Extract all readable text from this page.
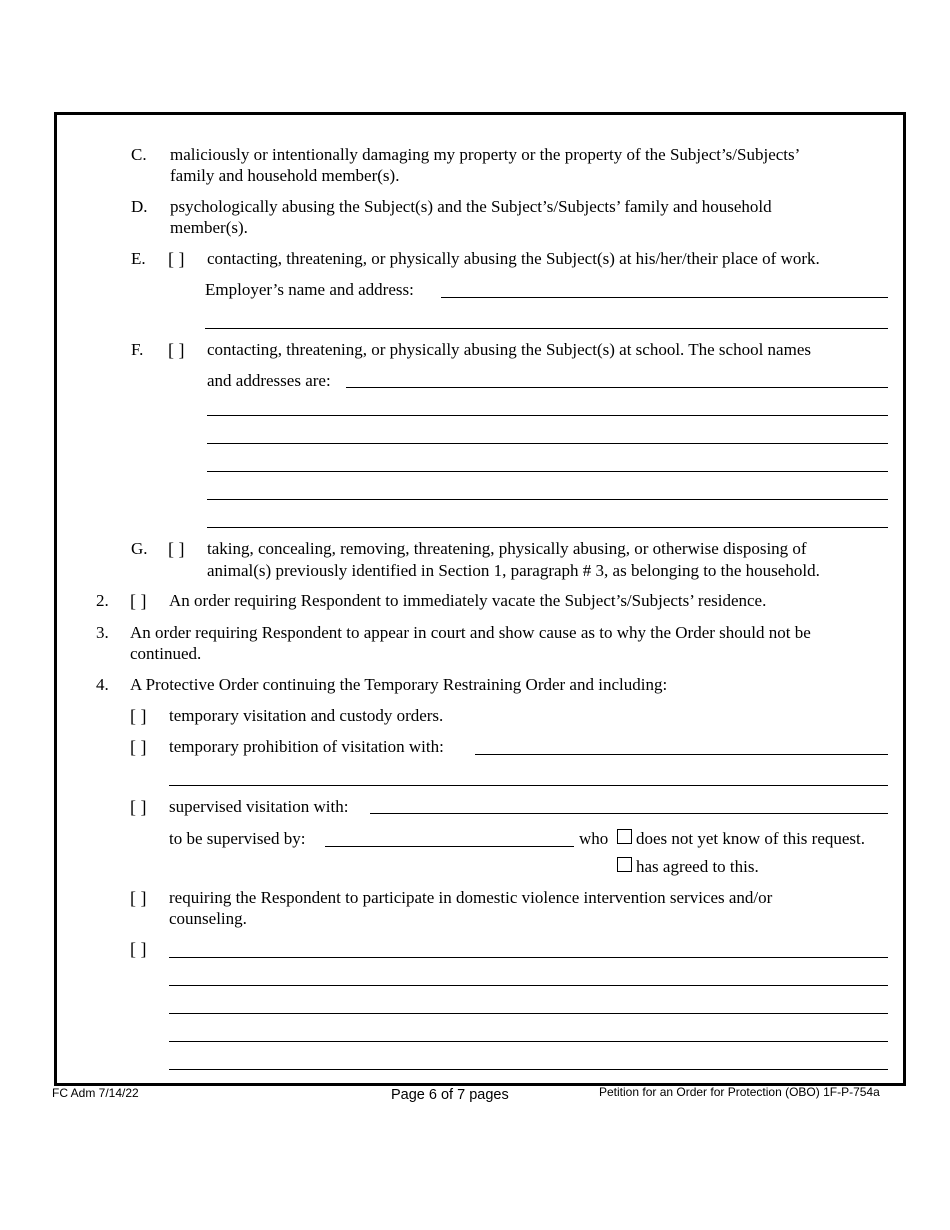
C. maliciously or intentionally damaging my property or the property of the Subject’s/Subjects’
family and household member(s).
D. psychologically abusing the Subject(s) and the Subject’s/Subjects’ family and household
member(s).
E. [ ] contacting, threatening, or physically abusing the Subject(s) at his/her/their place of work.
Employer’s name and address:
F. [ ] contacting, threatening, or physically abusing the Subject(s) at school. The school names
and addresses are:
G. [ ] taking, concealing, removing, threatening, physically abusing, or otherwise disposing of
animal(s) previously identified in Section 1, paragraph # 3, as belonging to the household.
2. [ ] An order requiring Respondent to immediately vacate the Subject’s/Subjects’ residence.
3. An order requiring Respondent to appear in court and show cause as to why the Order should not be
continued.
4. A Protective Order continuing the Temporary Restraining Order and including:
[ ] temporary visitation and custody orders.
[ ] temporary prohibition of visitation with:
[ ] supervised visitation with:
to be supervised by:	who does not yet know of this request.
has agreed to this.
[ ] requiring the Respondent to participate in domestic violence intervention services and/or
counseling.
[ ]
FC Adm 7/14/22	Page 6 of 7 pages	Petition for an Order for Protection (OBO) 1F-P-754a
